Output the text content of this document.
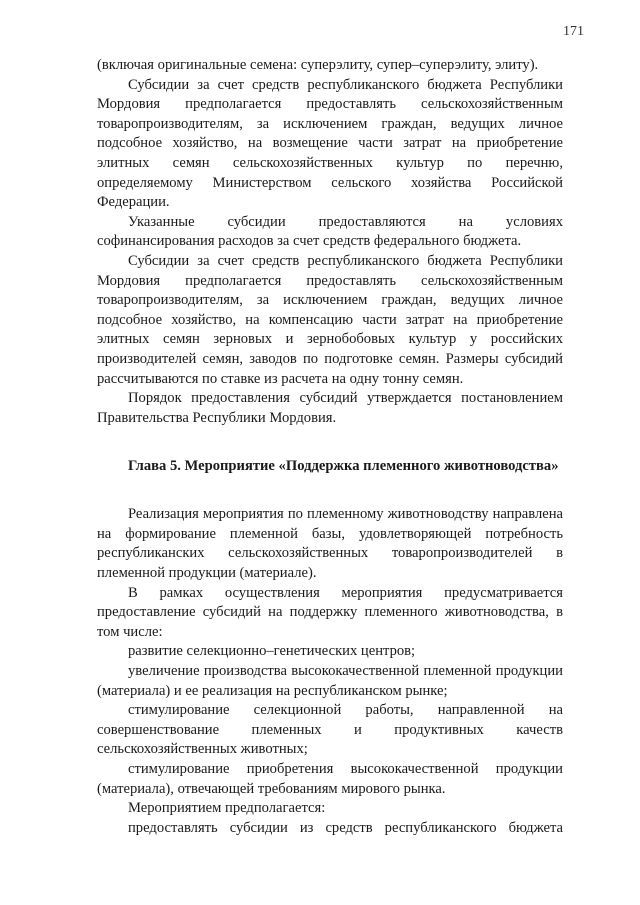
171

(включая оригинальные семена: суперэлиту, супер–суперэлиту, элиту).

Субсидии за счет средств республиканского бюджета Республики Мордовия предполагается предоставлять сельскохозяйственным товаропроизводителям, за исключением граждан, ведущих личное подсобное хозяйство, на возмещение части затрат на приобретение элитных семян сельскохозяйственных культур по перечню, определяемому Министерством сельского хозяйства Российской Федерации.

Указанные субсидии предоставляются на условиях софинансирования расходов за счет средств федерального бюджета.

Субсидии за счет средств республиканского бюджета Республики Мордовия предполагается предоставлять сельскохозяйственным товаропроизводителям, за исключением граждан, ведущих личное подсобное хозяйство, на компенсацию части затрат на приобретение элитных семян зерновых и зернобобовых культур у российских производителей семян, заводов по подготовке семян. Размеры субсидий рассчитываются по ставке из расчета на одну тонну семян.

Порядок предоставления субсидий утверждается постановлением Правительства Республики Мордовия.

Глава 5. Мероприятие «Поддержка племенного животноводства»

Реализация мероприятия по племенному животноводству направлена на формирование племенной базы, удовлетворяющей потребность республиканских сельскохозяйственных товаропроизводителей в племенной продукции (материале).

В рамках осуществления мероприятия предусматривается предоставление субсидий на поддержку племенного животноводства, в том числе:

развитие селекционно–генетических центров;

увеличение производства высококачественной племенной продукции (материала) и ее реализация на республиканском рынке;

стимулирование селекционной работы, направленной на совершенствование племенных и продуктивных качеств сельскохозяйственных животных;

стимулирование приобретения высококачественной продукции (материала), отвечающей требованиям мирового рынка.

Мероприятием предполагается:

предоставлять субсидии из средств республиканского бюджета
